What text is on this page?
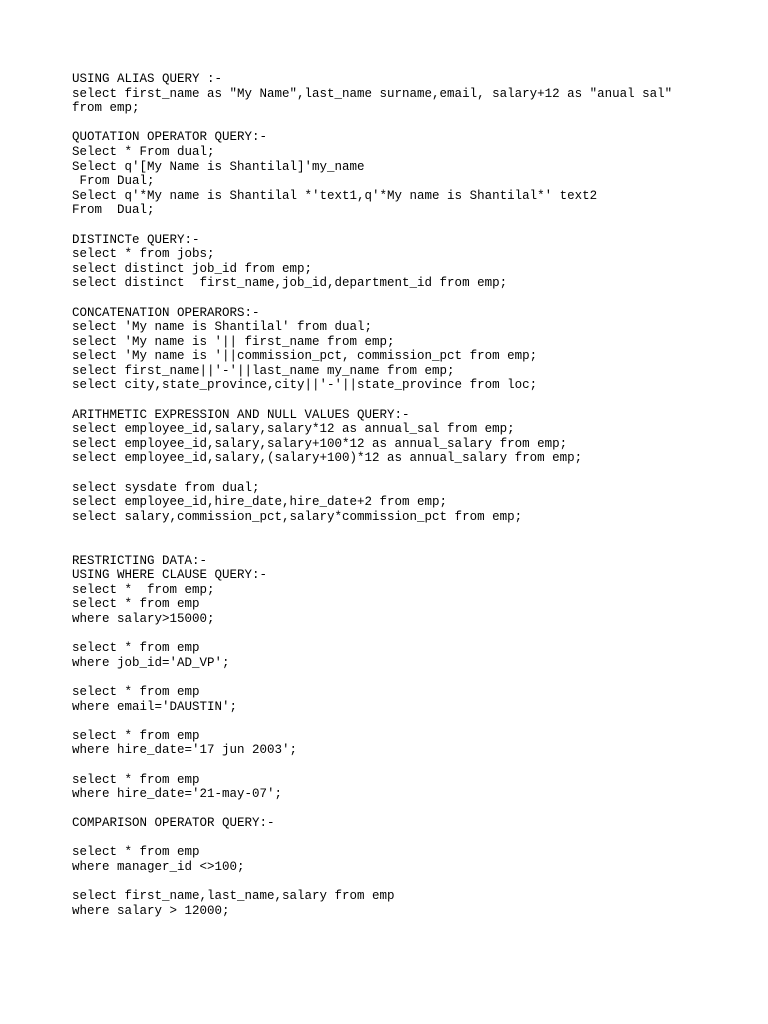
USING ALIAS QUERY :-
select first_name as "My Name",last_name surname,email, salary+12 as "anual sal"
from emp;
QUOTATION OPERATOR QUERY:-
Select * From dual;
Select q'[My Name is Shantilal]'my_name
From Dual;
Select q'*My name is Shantilal *'text1,q'*My name is Shantilal*' text2
From  Dual;
DISTINCTe QUERY:-
select * from jobs;
select distinct job_id from emp;
select distinct  first_name,job_id,department_id from emp;
CONCATENATION OPERARORS:-
select 'My name is Shantilal' from dual;
select 'My name is '|| first_name from emp;
select 'My name is '||commission_pct, commission_pct from emp;
select first_name||'-'||last_name my_name from emp;
select city,state_province,city||'-'||state_province from loc;
ARITHMETIC EXPRESSION AND NULL VALUES QUERY:-
select employee_id,salary,salary*12 as annual_sal from emp;
select employee_id,salary,salary+100*12 as annual_salary from emp;
select employee_id,salary,(salary+100)*12 as annual_salary from emp;
select sysdate from dual;
select employee_id,hire_date,hire_date+2 from emp;
select salary,commission_pct,salary*commission_pct from emp;
RESTRICTING DATA:-
USING WHERE CLAUSE QUERY:-
select *  from emp;
select * from emp
where salary>15000;
select * from emp
where job_id='AD_VP';
select * from emp
where email='DAUSTIN';
select * from emp
where hire_date='17 jun 2003';
select * from emp
where hire_date='21-may-07';
COMPARISON OPERATOR QUERY:-
select * from emp
where manager_id <>100;
select first_name,last_name,salary from emp
where salary > 12000;
